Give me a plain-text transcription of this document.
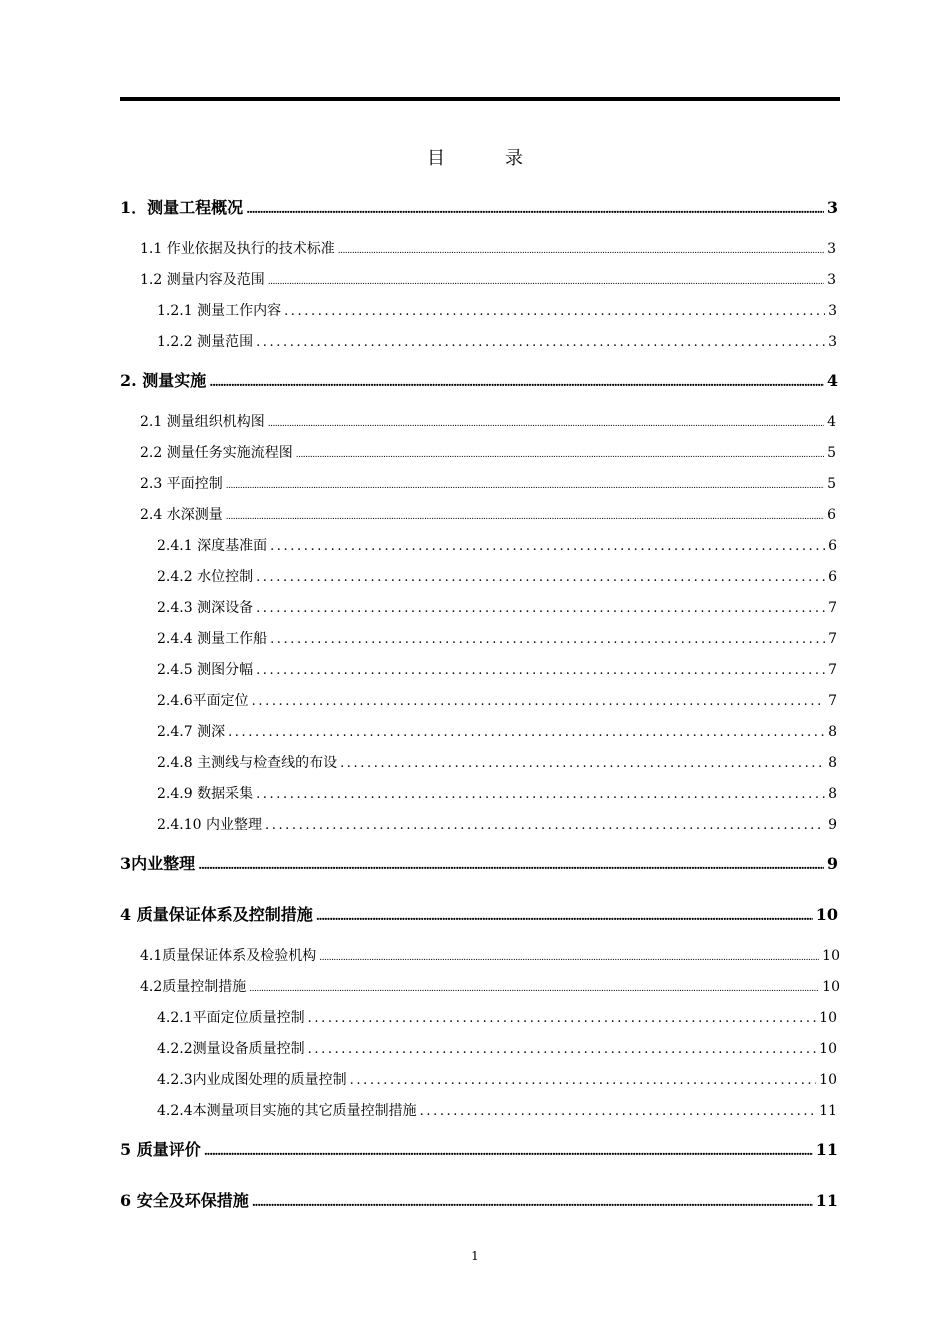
目	录
1．测量工程概况 .....	3
1.1 作业依据及执行的技术标准 .....	3
1.2 测量内容及范围 .....	3
1.2.1 测量工作内容 .....	3
1.2.2 测量范围 .....	3
2. 测量实施 .....	4
2.1 测量组织机构图 .....	4
2.2 测量任务实施流程图 .....	5
2.3 平面控制 .....	5
2.4 水深测量 .....	6
2.4.1 深度基准面 .....	6
2.4.2 水位控制 .....	6
2.4.3 测深设备 .....	7
2.4.4 测量工作船 .....	7
2.4.5 测图分幅 .....	7
2.4.6平面定位 .....	7
2.4.7 测深 .....	8
2.4.8 主测线与检查线的布设 .....	8
2.4.9 数据采集 .....	8
2.4.10 内业整理 .....	9
3内业整理 .....	9
4 质量保证体系及控制措施 .....	10
4.1质量保证体系及检验机构 .....	10
4.2质量控制措施 .....	10
4.2.1平面定位质量控制 .....	10
4.2.2测量设备质量控制 .....	10
4.2.3内业成图处理的质量控制 .....	10
4.2.4本测量项目实施的其它质量控制措施 .....	11
5 质量评价 .....	11
6 安全及环保措施 .....	11
1
